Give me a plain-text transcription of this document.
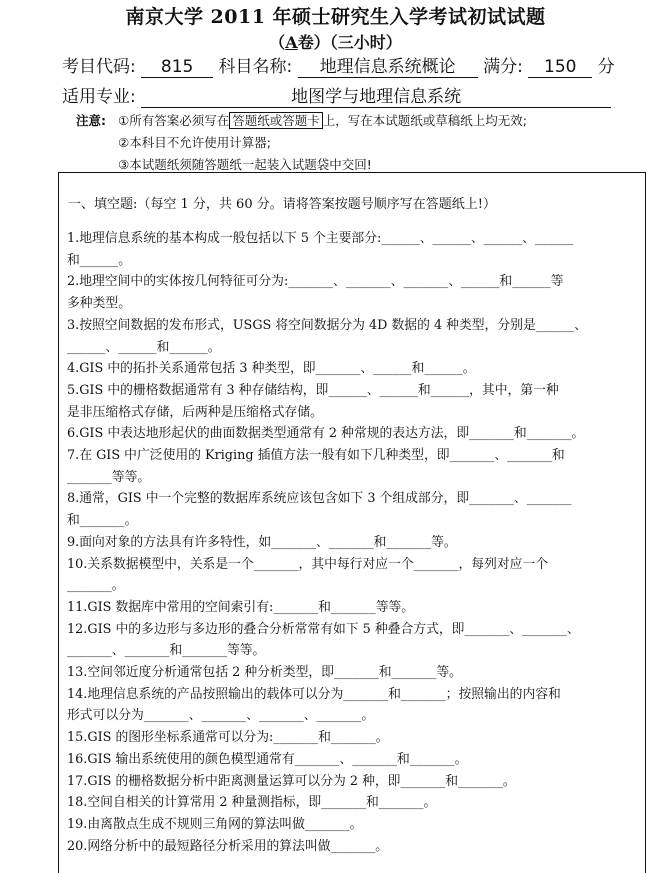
南京大学 2011 年硕士研究生入学考试初试试题
（A卷）（三小时）
考目代码: 815 科目名称: 地理信息系统概论 满分: 150 分
适用专业:	地图学与地理信息系统
注意: ①所有答案必须写在 答题纸或答题卡 上，写在本试题纸或草稿纸上均无效;
②本科目不允许使用计算器;
③本试题纸须随答题纸一起装入试题袋中交回!
一、填空题:（每空 1 分，共 60 分。请将答案按题号顺序写在答题纸上!）

1.地理信息系统的基本构成一般包括以下 5 个主要部分:______、______、______、______

和______。

2.地理空间中的实体按几何特征可分为:_______、_______、_______、______和______等

多种类型。

3.按照空间数据的发布形式，USGS 将空间数据分为 4D 数据的 4 种类型，分别是______、

______、______和______。

4.GIS 中的拓扑关系通常包括 3 种类型，即_______、______和______。

5.GIS 中的栅格数据通常有 3 种存储结构，即______、______和______，其中，第一种

是非压缩格式存储，后两种是压缩格式存储。

6.GIS 中表达地形起伏的曲面数据类型通常有 2 种常规的表达方法，即_______和_______。

7.在 GIS 中广泛使用的 Kriging 插值方法一般有如下几种类型，即_______、_______和

_______等等。

8.通常，GIS 中一个完整的数据库系统应该包含如下 3 个组成部分，即_______、_______

和_______。

9.面向对象的方法具有许多特性，如_______、_______和_______等。

10.关系数据模型中，关系是一个_______，其中每行对应一个_______，每列对应一个

_______。

11.GIS 数据库中常用的空间索引有:_______和_______等等。

12.GIS 中的多边形与多边形的叠合分析常常有如下 5 种叠合方式，即_______、_______、

_______、_______和_______等等。

13.空间邻近度分析通常包括 2 种分析类型，即_______和_______等。

14.地理信息系统的产品按照输出的载体可以分为_______和_______；按照输出的内容和

形式可以分为_______、_______、_______、_______。

15.GIS 的图形坐标系通常可以分为:_______和_______。

16.GIS 输出系统使用的颜色模型通常有_______、_______和_______。

17.GIS 的栅格数据分析中距离测量运算可以分为 2 种，即_______和_______。

18.空间自相关的计算常用 2 种量测指标，即_______和_______。

19.由离散点生成不规则三角网的算法叫做_______。

20.网络分析中的最短路径分析采用的算法叫做_______。
